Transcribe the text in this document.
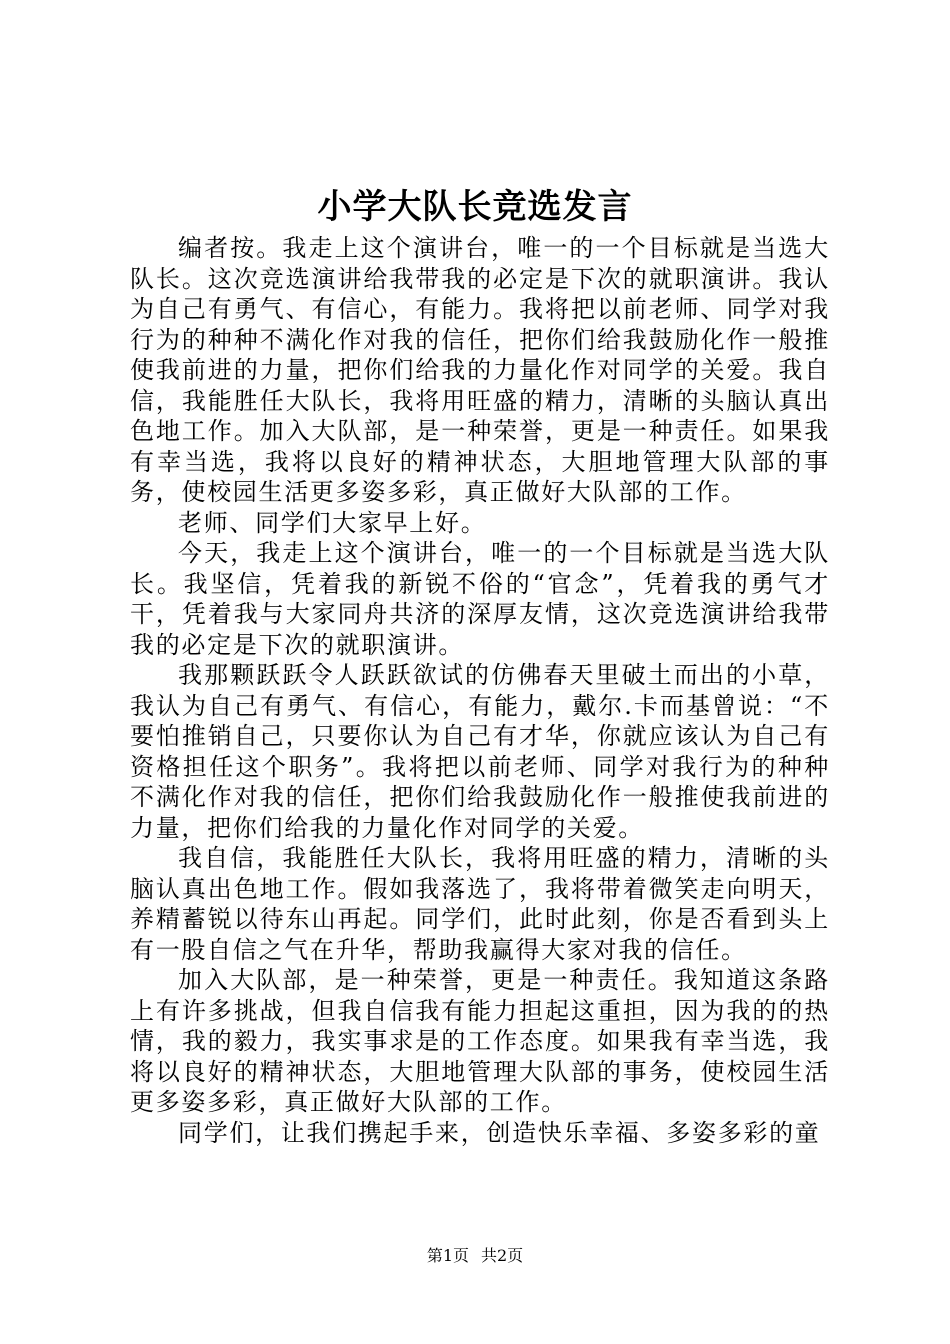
小学大队长竞选发言

编者按。我走上这个演讲台，唯一的一个目标就是当选大队长。这次竞选演讲给我带我的必定是下次的就职演讲。我认为自己有勇气、有信心，有能力。我将把以前老师、同学对我行为的种种不满化作对我的信任，把你们给我鼓励化作一般推使我前进的力量，把你们给我的力量化作对同学的关爱。我自信，我能胜任大队长，我将用旺盛的精力，清晰的头脑认真出色地工作。加入大队部，是一种荣誉，更是一种责任。如果我有幸当选，我将以良好的精神状态，大胆地管理大队部的事务，使校园生活更多姿多彩，真正做好大队部的工作。

老师、同学们大家早上好。

今天，我走上这个演讲台，唯一的一个目标就是当选大队长。我坚信，凭着我的新锐不俗的“官念”，凭着我的勇气才干，凭着我与大家同舟共济的深厚友情，这次竞选演讲给我带我的必定是下次的就职演讲。

我那颗跃跃令人跃跃欲试的仿佛春天里破土而出的小草，我认为自己有勇气、有信心，有能力，戴尔.卡而基曾说：“不要怕推销自己，只要你认为自己有才华，你就应该认为自己有资格担任这个职务”。我将把以前老师、同学对我行为的种种不满化作对我的信任，把你们给我鼓励化作一般推使我前进的力量，把你们给我的力量化作对同学的关爱。

我自信，我能胜任大队长，我将用旺盛的精力，清晰的头脑认真出色地工作。假如我落选了，我将带着微笑走向明天，养精蓄锐以待东山再起。同学们，此时此刻，你是否看到头上有一股自信之气在升华，帮助我赢得大家对我的信任。

加入大队部，是一种荣誉，更是一种责任。我知道这条路上有许多挑战，但我自信我有能力担起这重担，因为我的的热情，我的毅力，我实事求是的工作态度。如果我有幸当选，我将以良好的精神状态，大胆地管理大队部的事务，使校园生活更多姿多彩，真正做好大队部的工作。

同学们，让我们携起手来，创造快乐幸福、多姿多彩的童

第1页 共2页
